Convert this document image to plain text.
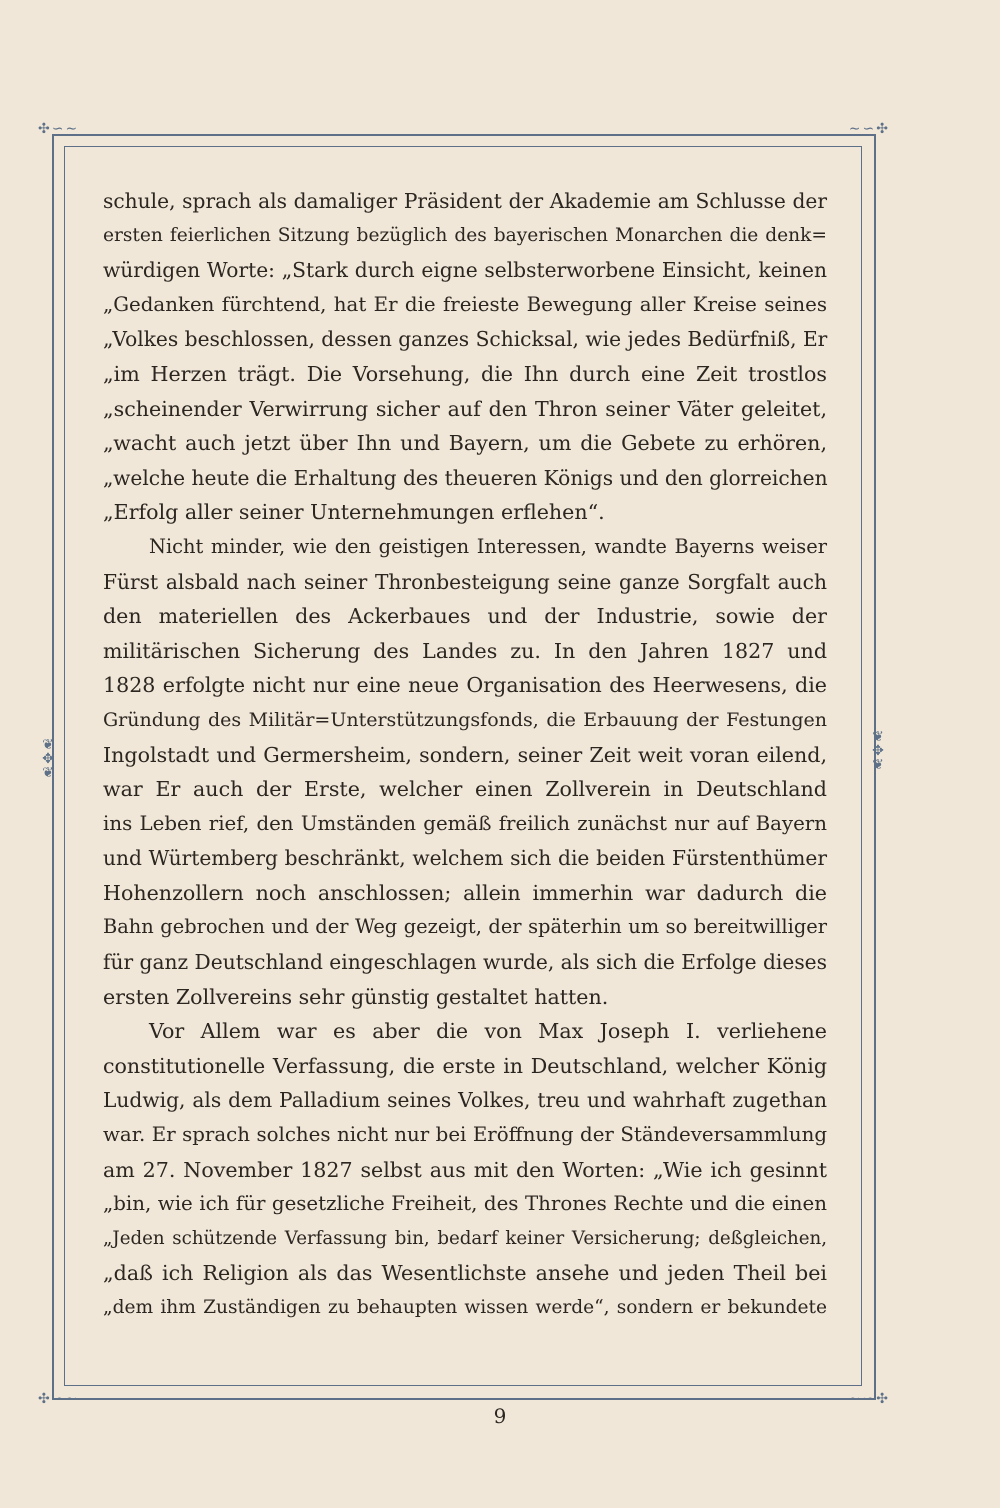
✣∽∼	∼∽✣
✣∽∼	∼∽✣
❦
✥
❦
❦
✥
❦
schule, sprach als damaliger Präsident der Akademie am Schlusse der
ersten feierlichen Sitzung bezüglich des bayerischen Monarchen die denk=
würdigen Worte: „Stark durch eigne selbsterworbene Einsicht, keinen
„Gedanken fürchtend, hat Er die freieste Bewegung aller Kreise seines
„Volkes beschlossen, dessen ganzes Schicksal, wie jedes Bedürfniß, Er
„im Herzen trägt. Die Vorsehung, die Ihn durch eine Zeit trostlos
„scheinender Verwirrung sicher auf den Thron seiner Väter geleitet,
„wacht auch jetzt über Ihn und Bayern, um die Gebete zu erhören,
„welche heute die Erhaltung des theueren Königs und den glorreichen
„Erfolg aller seiner Unternehmungen erflehen“.
Nicht minder, wie den geistigen Interessen, wandte Bayerns weiser
Fürst alsbald nach seiner Thronbesteigung seine ganze Sorgfalt auch
den materiellen des Ackerbaues und der Industrie, sowie der
militärischen Sicherung des Landes zu. In den Jahren 1827 und
1828 erfolgte nicht nur eine neue Organisation des Heerwesens, die
Gründung des Militär=Unterstützungsfonds, die Erbauung der Festungen
Ingolstadt und Germersheim, sondern, seiner Zeit weit voran eilend,
war Er auch der Erste, welcher einen Zollverein in Deutschland
ins Leben rief, den Umständen gemäß freilich zunächst nur auf Bayern
und Würtemberg beschränkt, welchem sich die beiden Fürstenthümer
Hohenzollern noch anschlossen; allein immerhin war dadurch die
Bahn gebrochen und der Weg gezeigt, der späterhin um so bereitwilliger
für ganz Deutschland eingeschlagen wurde, als sich die Erfolge dieses
ersten Zollvereins sehr günstig gestaltet hatten.
Vor Allem war es aber die von Max Joseph I. verliehene
constitutionelle Verfassung, die erste in Deutschland, welcher König
Ludwig, als dem Palladium seines Volkes, treu und wahrhaft zugethan
war. Er sprach solches nicht nur bei Eröffnung der Ständeversammlung
am 27. November 1827 selbst aus mit den Worten: „Wie ich gesinnt
„bin, wie ich für gesetzliche Freiheit, des Thrones Rechte und die einen
„Jeden schützende Verfassung bin, bedarf keiner Versicherung; deßgleichen,
„daß ich Religion als das Wesentlichste ansehe und jeden Theil bei
„dem ihm Zuständigen zu behaupten wissen werde“, sondern er bekundete
9
